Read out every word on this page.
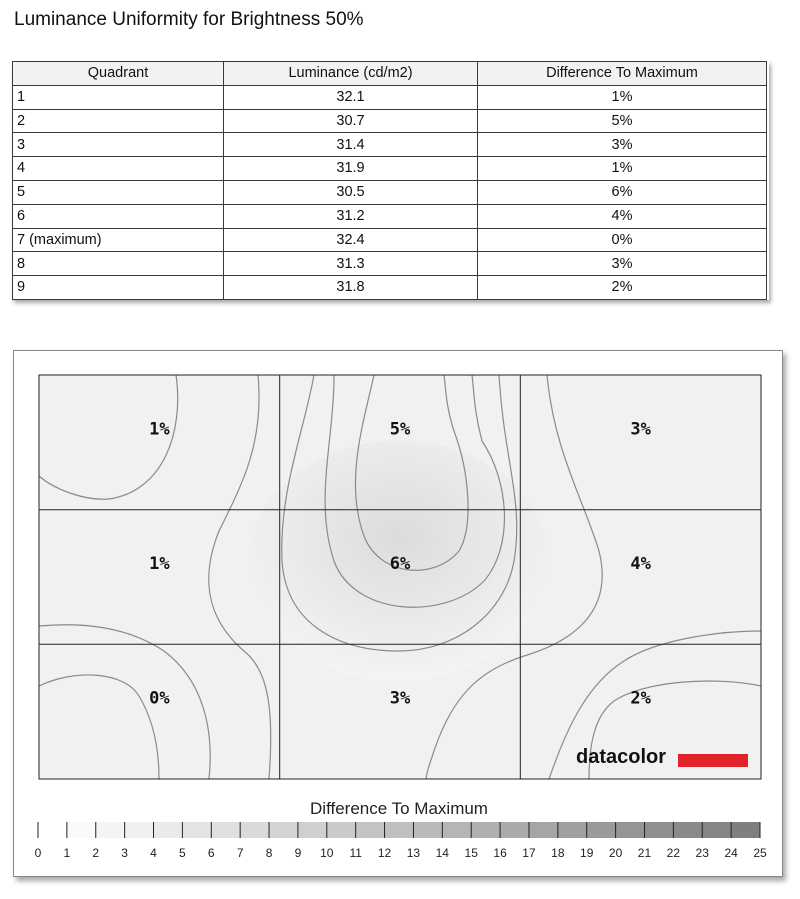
Luminance Uniformity for Brightness 50%
Quadrant	Luminance (cd/m2)	Difference To Maximum
1	32.1	1%
2	30.7	5%
3	31.4	3%
4	31.9	1%
5	30.5	6%
6	31.2	4%
7 (maximum)	32.4	0%
8	31.3	3%
9	31.8	2%
1%	5%	3%
1%	6%	4%
0%	3%	2%
datacolor
Difference To Maximum
0 1 2 3 4 5 6 7 8 9 10 11 12 13 14 15 16 17 18 19 20 21 22 23 24 25
